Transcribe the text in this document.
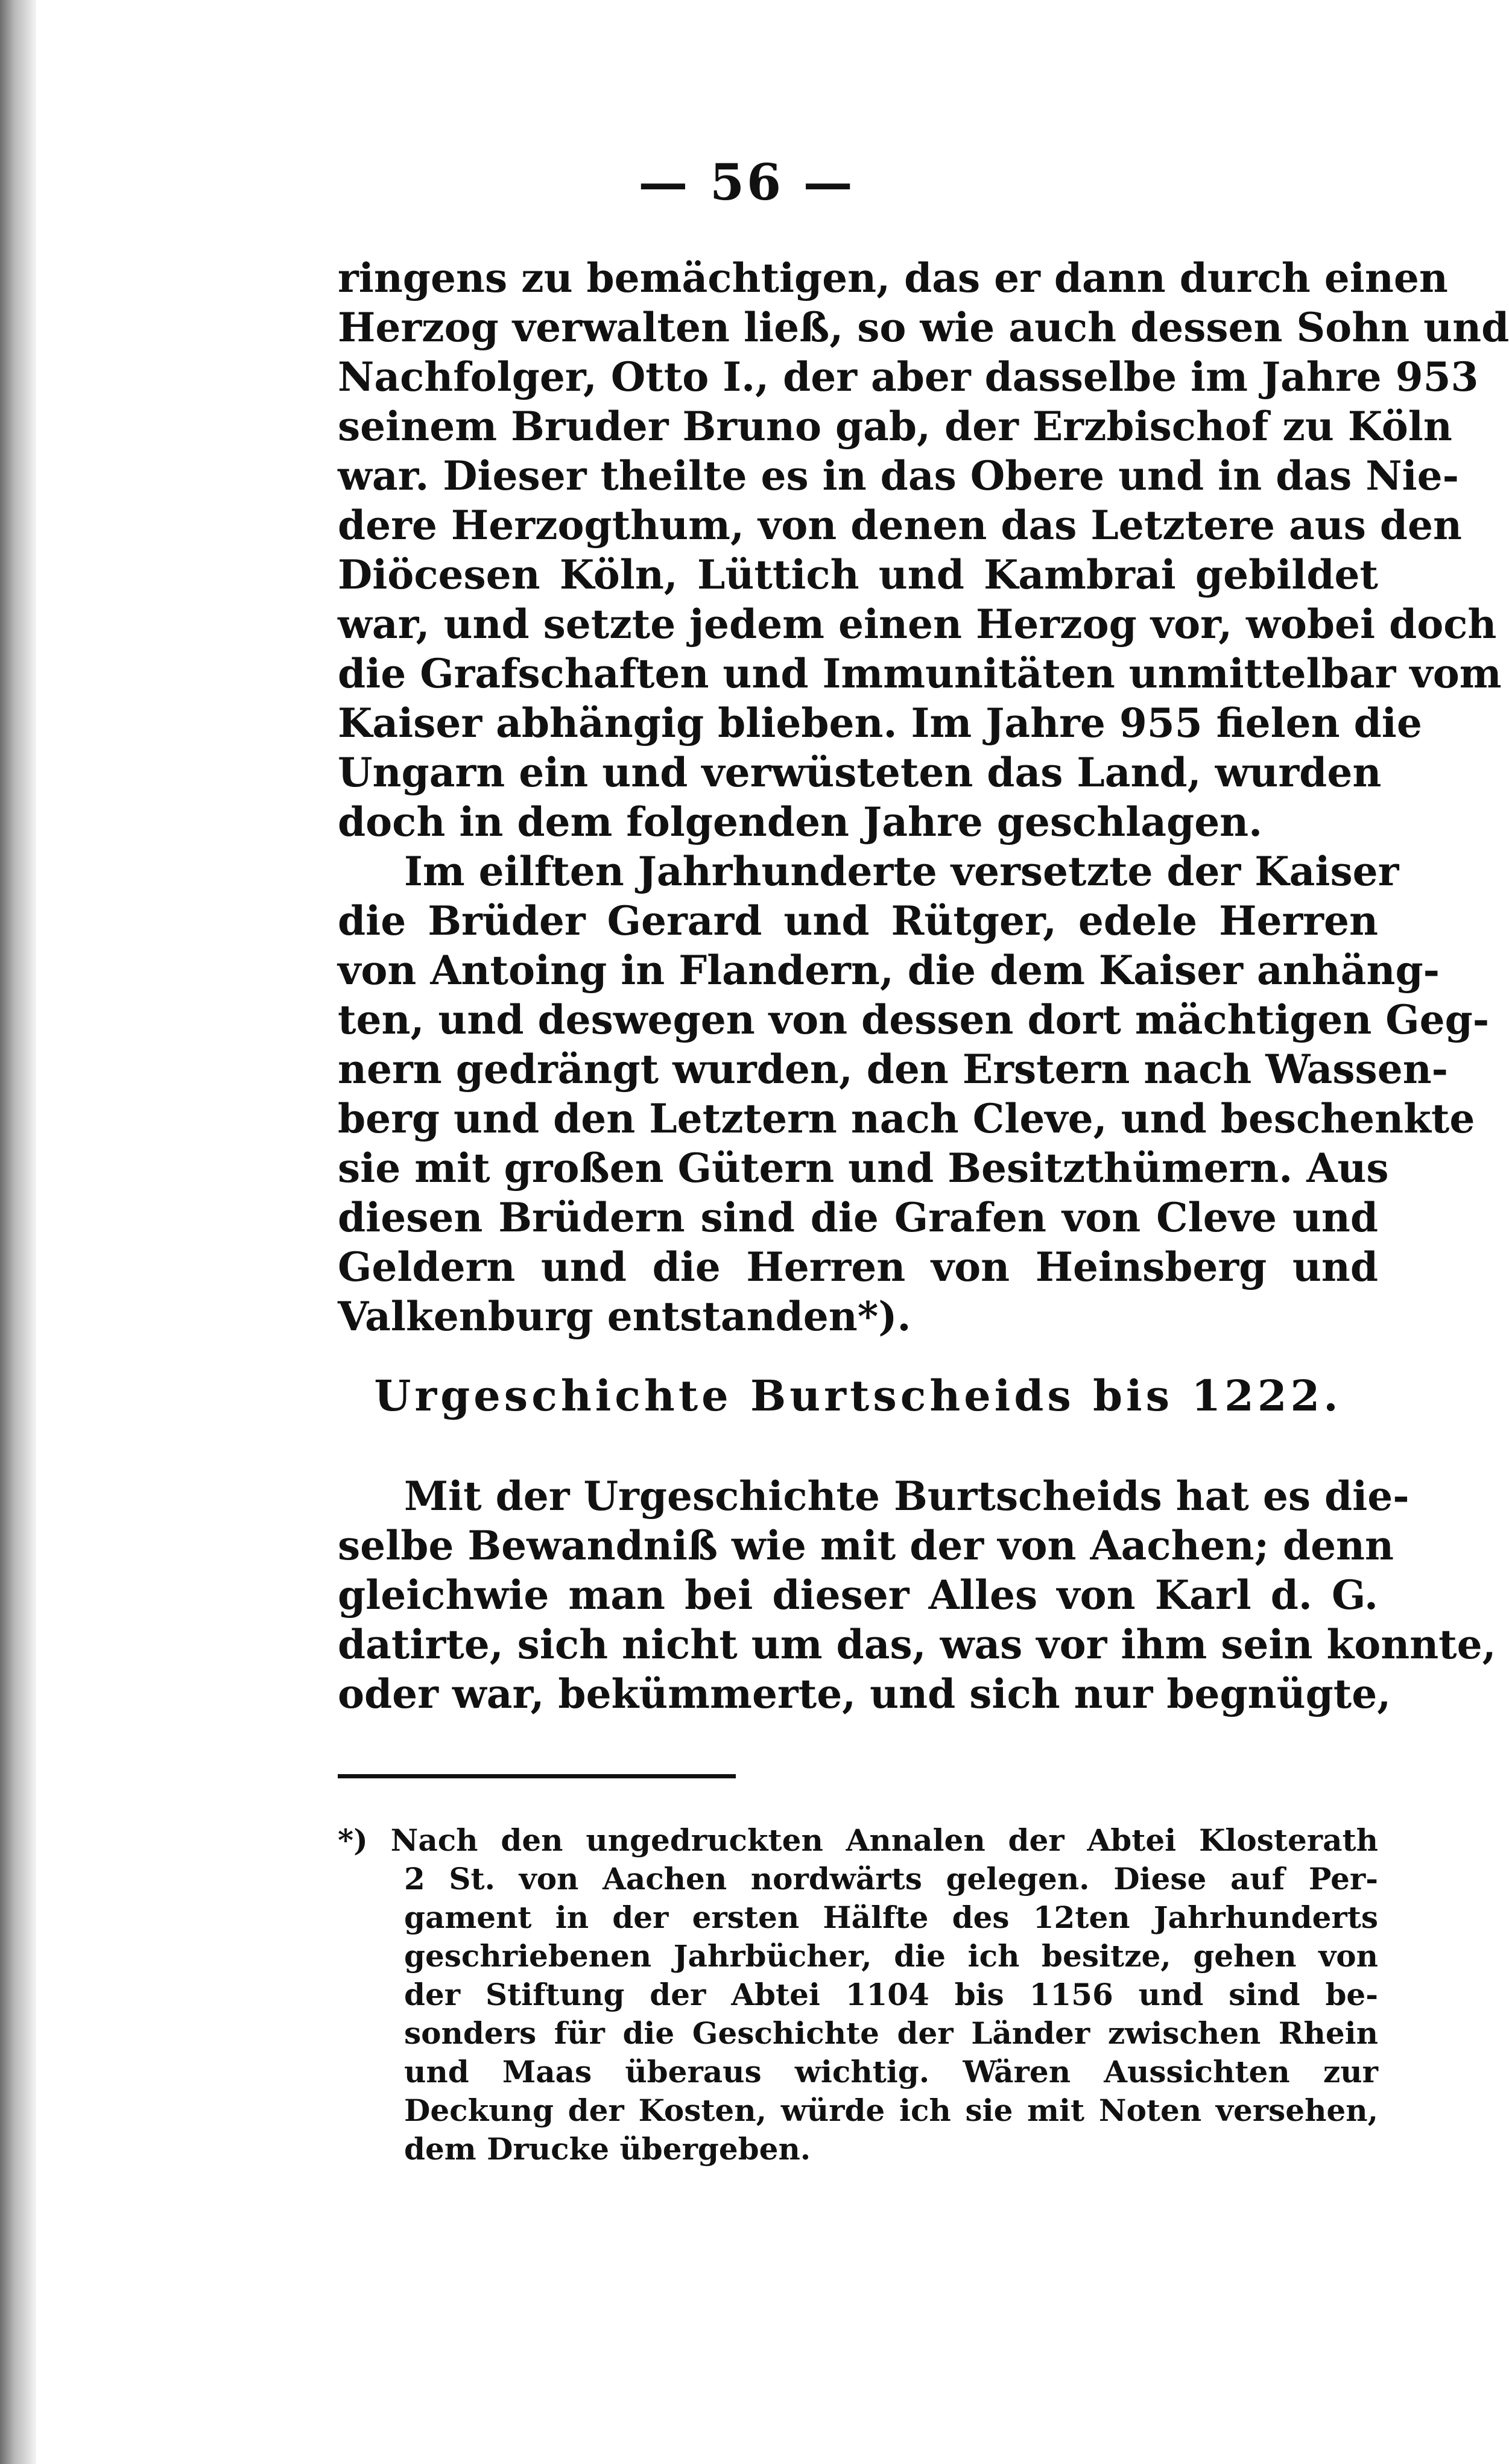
— 56 —
ringens zu bemächtigen, das er dann durch einen
Herzog verwalten ließ, so wie auch dessen Sohn und
Nachfolger, Otto I., der aber dasselbe im Jahre 953
seinem Bruder Bruno gab, der Erzbischof zu Köln
war. Dieser theilte es in das Obere und in das Nie-
dere Herzogthum, von denen das Letztere aus den
Diöcesen Köln, Lüttich und Kambrai gebildet
war, und setzte jedem einen Herzog vor, wobei doch
die Grafschaften und Immunitäten unmittelbar vom
Kaiser abhängig blieben. Im Jahre 955 fielen die
Ungarn ein und verwüsteten das Land, wurden
doch in dem folgenden Jahre geschlagen.
Im eilften Jahrhunderte versetzte der Kaiser
die Brüder Gerard und Rütger, edele Herren
von Antoing in Flandern, die dem Kaiser anhäng-
ten, und deswegen von dessen dort mächtigen Geg-
nern gedrängt wurden, den Erstern nach Wassen-
berg und den Letztern nach Cleve, und beschenkte
sie mit großen Gütern und Besitzthümern. Aus
diesen Brüdern sind die Grafen von Cleve und
Geldern und die Herren von Heinsberg und
Valkenburg entstanden*).
Urgeschichte Burtscheids bis 1222.
Mit der Urgeschichte Burtscheids hat es die-
selbe Bewandniß wie mit der von Aachen; denn
gleichwie man bei dieser Alles von Karl d. G.
datirte, sich nicht um das, was vor ihm sein konnte,
oder war, bekümmerte, und sich nur begnügte,
*) Nach den ungedruckten Annalen der Abtei Klosterath
2 St. von Aachen nordwärts gelegen. Diese auf Per-
gament in der ersten Hälfte des 12ten Jahrhunderts
geschriebenen Jahrbücher, die ich besitze, gehen von
der Stiftung der Abtei 1104 bis 1156 und sind be-
sonders für die Geschichte der Länder zwischen Rhein
und Maas überaus wichtig. Wären Aussichten zur
Deckung der Kosten, würde ich sie mit Noten versehen,
dem Drucke übergeben.
